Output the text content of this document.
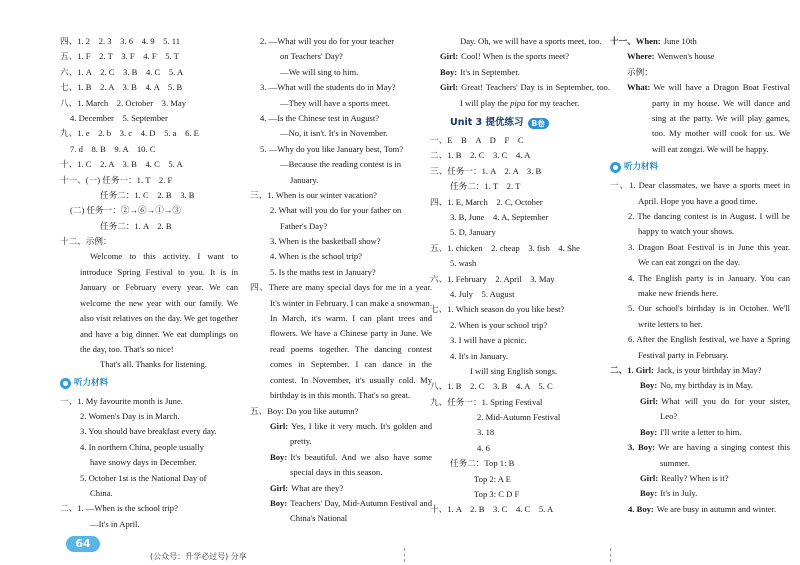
四、1. 2　2. 3　3. 6　4. 9　5. 11
五、1. F　2. T　3. F　4. F　5. T
六、1. A　2. C　3. B　4. C　5. A
七、1. B　2. A　3. B　4. A　5. B
八、1. March　2. October　3. May
4. December　5. September
九、1. e　2. b　3. c　4. D　5. a　6. E
7. d　8. B　9. A　10. C
十、1. C　2. A　3. B　4. C　5. A
十一、(一) 任务一：1. T　2. F
任务二：1. C　2. B　3. B
(二) 任务一：②→⑥→①→③
任务二：1. A　2. B
十二、示例：
Welcome to this activity. I want to introduce Spring Festival to you. It is in January or February every year. We can welcome the new year with our family. We also visit relatives on the day. We get together and have a big dinner. We eat dumplings on the day, too. That's so nice!
That's all. Thanks for listening.
听力材料
一、1. My favourite month is June.
2. Women's Day is in March.
3. You should have breakfast every day.
4. In northern China, people usually
have snowy days in December.
5. October 1st is the National Day of
China.
二、1. —When is the school trip?
—It's in April.
2. —What will you do for your teacher
on Teachers' Day?
—We will sing to him.
3. —What will the students do in May?
—They will have a sports meet.
4. —Is the Chinese test in August?
—No, it isn't. It's in November.
5. —Why do you like January best, Tom?
—Because the reading contest is in
January.
三、1. When is our winter vacation?
2. What will you do for your father on
Father's Day?
3. When is the basketball show?
4. When is the school trip?
5. Is the maths test in January?
四、There are many special days for me in a year. It's winter in February. I can make a snowman. In March, it's warm. I can plant trees and flowers. We have a Chinese party in June. We read poems together. The dancing contest comes in September. I can dance in the contest. In November, it's usually cold. My birthday is in this month. That's so great.
五、Boy: Do you like autumn?
Girl: Yes, I like it very much. It's golden and pretty.
Boy: It's beautiful. And we also have some special days in this season.
Girl: What are they?
Boy: Teachers' Day, Mid-Autumn Festival and China's National
Day. Oh, we will have a sports meet, too.
Girl: Cool! When is the sports meet?
Boy: It's in September.
Girl: Great! Teachers' Day is in September, too. I will play the pipa for my teacher.
Unit 3 提优练习	B卷
一、E　B　A　D　F　C
二、1. B　2. C　3. C　4. A
三、任务一：1. A　2. A　3. B
任务二：1. T　2. T
四、1. E, March　2. C, October
3. B, June　4. A, September
5. D, January
五、1. chicken　2. cheap　3. fish　4. She
5. wash
六、1. February　2. April　3. May
4. July　5. August
七、1. Which season do you like best?
2. When is your school trip?
3. I will have a picnic.
4. It's in January.
I will sing English songs.
八、1. B　2. C　3. B　4. A　5. C
九、任务一：1. Spring Festival
2. Mid-Autumn Festival
3. 18
4. 6
任务二：Top 1: B
Top 2: A E
Top 3: C D F
十、1. A　2. B　3. C　4. C　5. A
十一、When: June 10th
Where: Wenwen's house
示例：
What: We will have a Dragon Boat Festival party in my house. We will dance and sing at the party. We will play games, too. My mother will cook for us. We will eat zongzi. We will be happy.
听力材料
一、1. Dear classmates, we have a sports meet in April. Hope you have a good time.
2. The dancing contest is in August. I will be happy to watch your shows.
3. Dragon Boat Festival is in June this year. We can eat zongzi on the day.
4. The English party is in January. You can make new friends here.
5. Our school's birthday is in October. We'll write letters to her.
6. After the English festival, we have a Spring Festival party in February.
二、1. Girl: Jack, is your birthday in May?
Boy: No, my birthday is in May.
Girl: What will you do for your sister, Leo?
Boy: I'll write a letter to him.
3. Boy: We are having a singing contest this summer.
Girl: Really? When is it?
Boy: It's in July.
4. Boy: We are busy in autumn and winter.
64
(公众号：升学必过号) 分享
